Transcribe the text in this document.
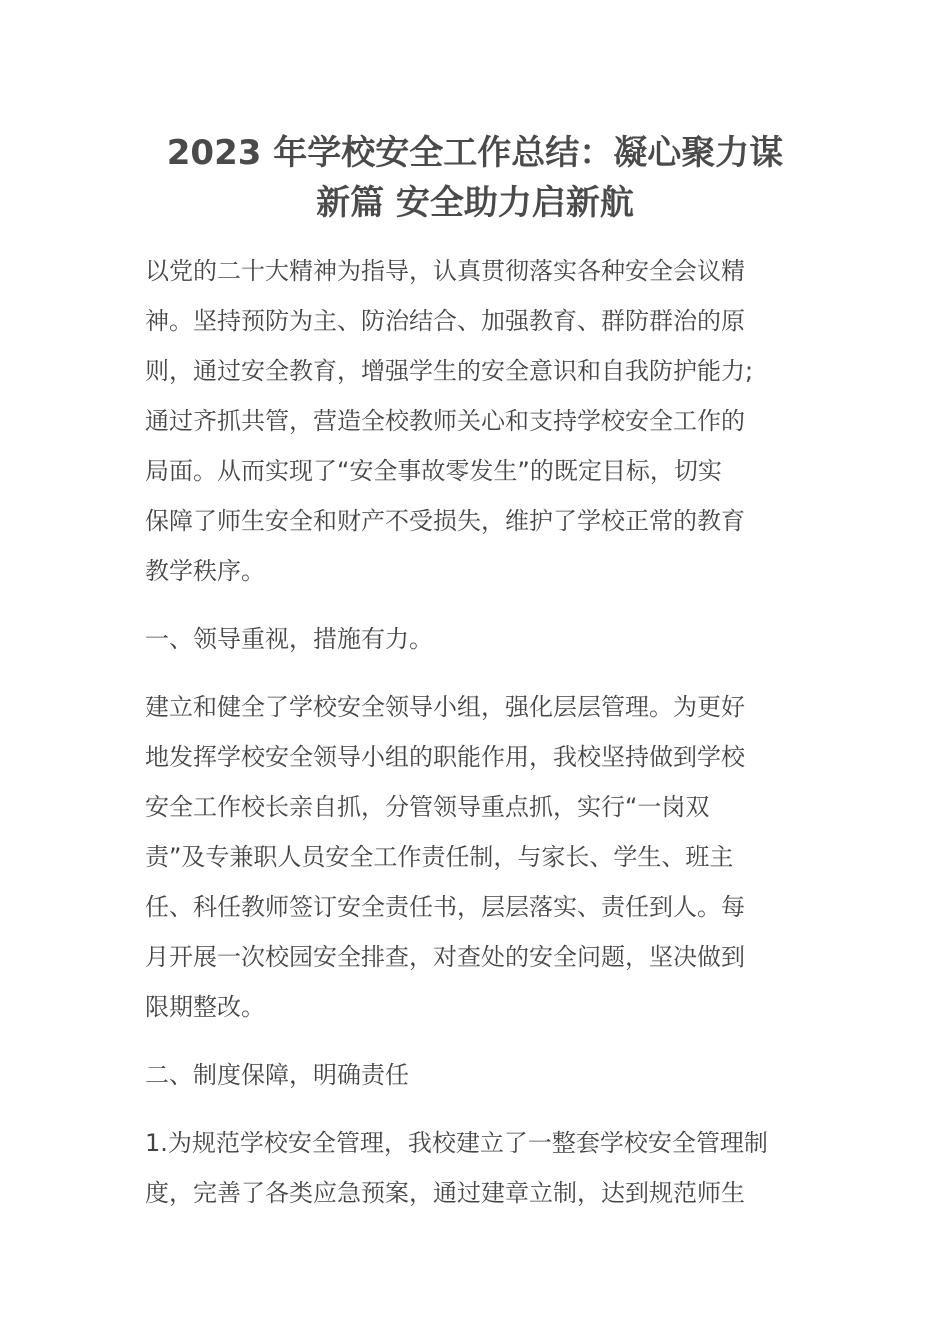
2023 年学校安全工作总结：凝心聚力谋
新篇 安全助力启新航

以党的二十大精神为指导，认真贯彻落实各种安全会议精
神。坚持预防为主、防治结合、加强教育、群防群治的原
则，通过安全教育，增强学生的安全意识和自我防护能力;
通过齐抓共管，营造全校教师关心和支持学校安全工作的
局面。从而实现了“安全事故零发生”的既定目标，切实
保障了师生安全和财产不受损失，维护了学校正常的教育
教学秩序。

一、领导重视，措施有力。

建立和健全了学校安全领导小组，强化层层管理。为更好
地发挥学校安全领导小组的职能作用，我校坚持做到学校
安全工作校长亲自抓，分管领导重点抓，实行“一岗双
责”及专兼职人员安全工作责任制，与家长、学生、班主
任、科任教师签订安全责任书，层层落实、责任到人。每
月开展一次校园安全排查，对查处的安全问题，坚决做到
限期整改。

二、制度保障，明确责任

1.为规范学校安全管理，我校建立了一整套学校安全管理制
度，完善了各类应急预案，通过建章立制，达到规范师生
